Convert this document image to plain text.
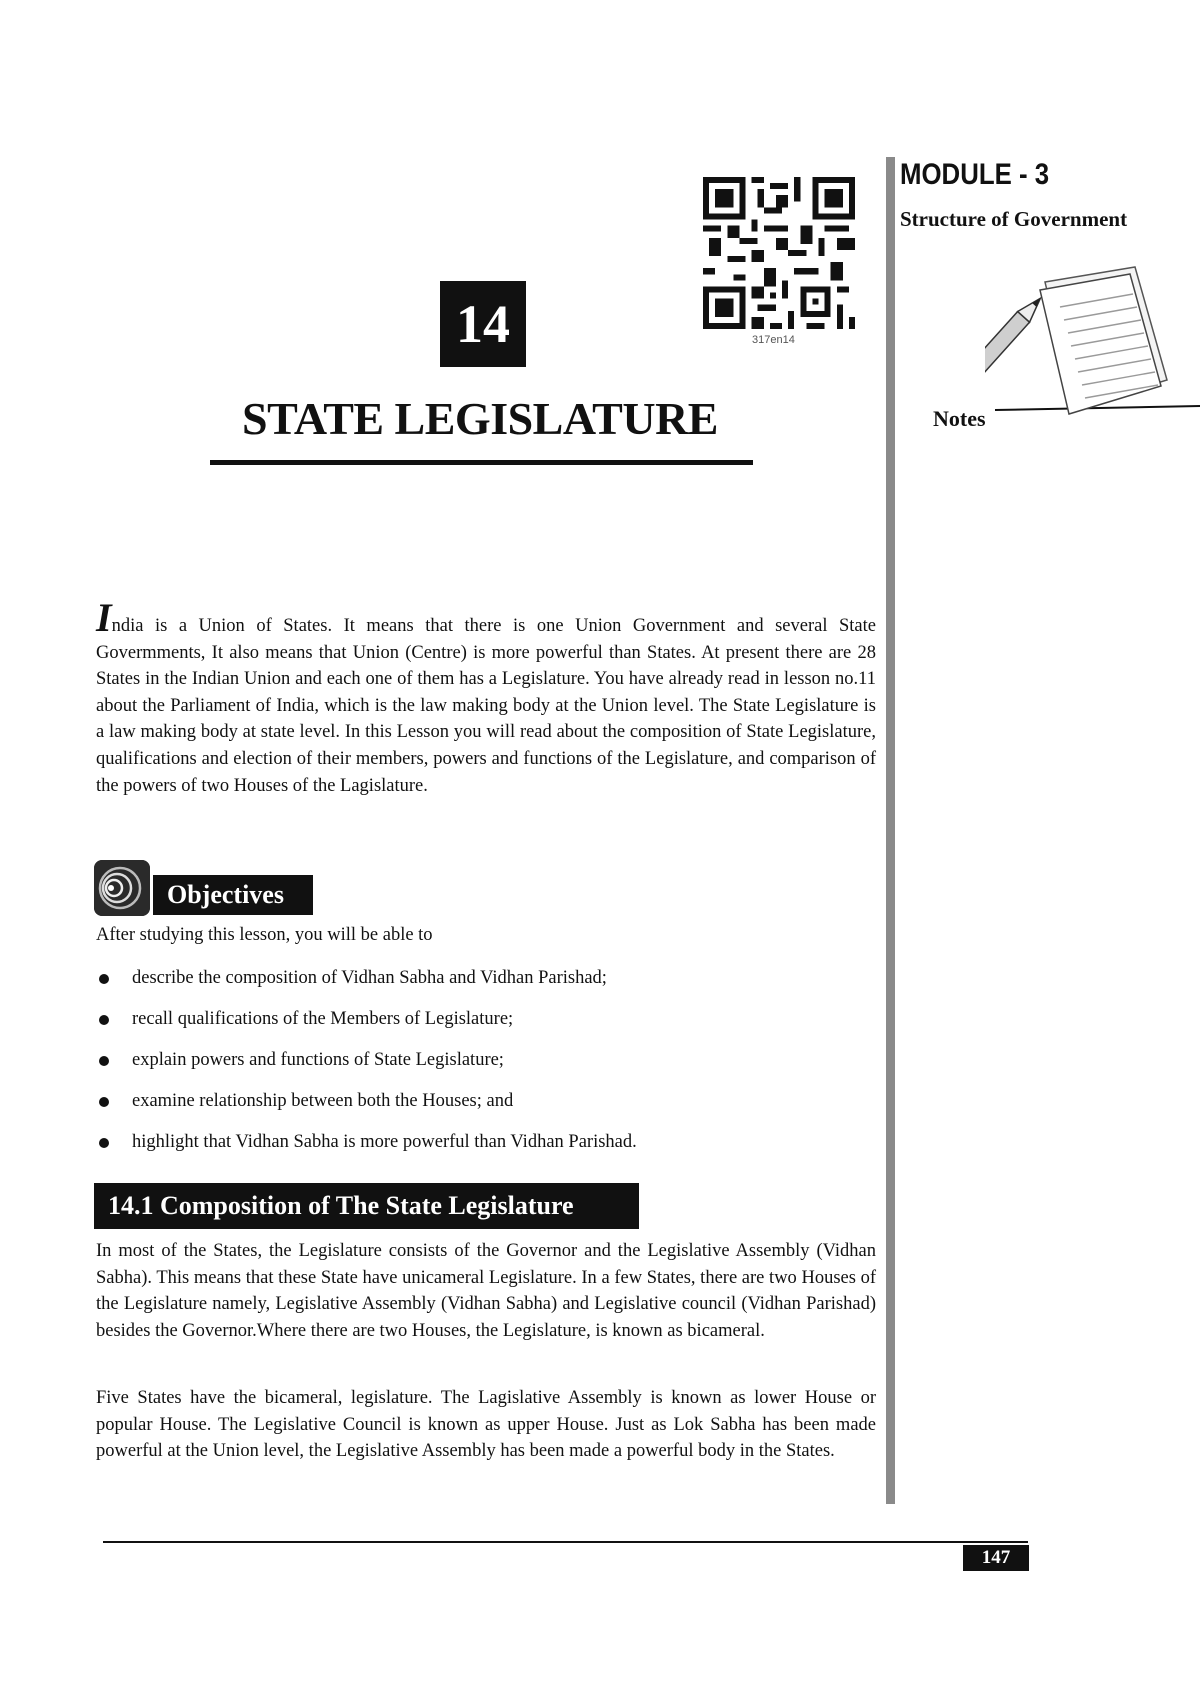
14
STATE LEGISLATURE
317en14
MODULE - 3
Structure of Government
Notes

India is a Union of States. It means that there is one Union Government and several State Govermments, It also means that Union (Centre) is more powerful than States. At present there are 28 States in the Indian Union and each one of them has a Legislature. You have already read in lesson no.11 about the Parliament of India, which is the law making body at the Union level. The State Legislature is a law making body at state level. In this Lesson you will read about the composition of State Legislature, qualifications and election of their members, powers and functions of the Legislature, and comparison of the powers of two Houses of the Lagislature.

Objectives
After studying this lesson, you will be able to
describe the composition of Vidhan Sabha and Vidhan Parishad;
recall qualifications of the Members of Legislature;
explain powers and functions of State Legislature;
examine relationship between both the Houses; and
highlight that Vidhan Sabha is more powerful than Vidhan Parishad.
14.1 Composition of The State Legislature

In most of the States, the Legislature consists of the Governor and the Legislative Assembly (Vidhan Sabha). This means that these State have unicameral Legislature. In a few States, there are two Houses of the Legislature namely, Legislative Assembly (Vidhan Sabha) and Legislative council (Vidhan Parishad) besides the Governor.Where there are two Houses, the Legislature, is known as bicameral.

Five States have the bicameral, legislature. The Lagislative Assembly is known as lower House or popular House. The Legislative Council is known as upper House. Just as Lok Sabha has been made powerful at the Union level, the Legislative Assembly has been made a powerful body in the States.

147
